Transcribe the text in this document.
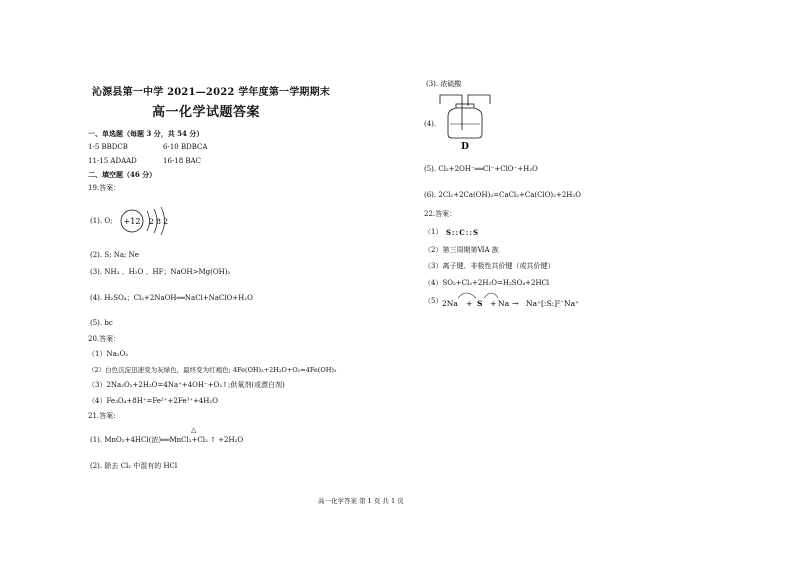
沁源县第一中学 2021—2022 学年度第一学期期末
高一化学试题答案
一、单选题（每题 3 分，共 54 分）
1-5 BBDCB	6-10 BDBCA
11-15 ADAAD	16-18 BAC
二、填空题（46 分）
19.答案：
(1). O; +12 2 8 2
(2). S; Na; Ne
(3). NH₃ 、H₂O 、HF；NaOH>Mg(OH)₂
(4). H₂SO₄；Cl₂+2NaOH══NaCl+NaClO+H₂O
(5). bc
20.答案：
（1）Na₂O₂
（2）白色沉淀迅速变为灰绿色，最终变为红褐色; 4Fe(OH)₂+2H₂O+O₂=4Fe(OH)₃
（3）2Na₂O₂+2H₂O=4Na⁺+4OH⁻+O₂↑;供氧剂(或漂白剂)
（4）Fe₃O₄+8H⁺=Fe²⁺+2Fe³⁺+4H₂O
21.答案:
△
(1). MnO₂+4HCl(浓)══MnCl₂+Cl₂ ↑ +2H₂O
(2). 除去 Cl₂ 中混有的 HCl
(3). 浓硫酸
(4).
D
(5). Cl₂+2OH⁻══Cl⁻+ClO⁻+H₂O
(6). 2Cl₂+2Ca(OH)₂=CaCl₂+Ca(ClO)₂+2H₂O
22.答案：
（1） S::C::S
（2）第三周期第ⅥA 族
（3）离子键、非极性共价键（或共价键）
（4）SO₂+Cl₂+2H₂O=H₂SO₄+2HCl
（5） 2Na + S + Na → Na⁺[:S:]²⁻Na⁺
高一化学答案 第 1 页 共 1 页
